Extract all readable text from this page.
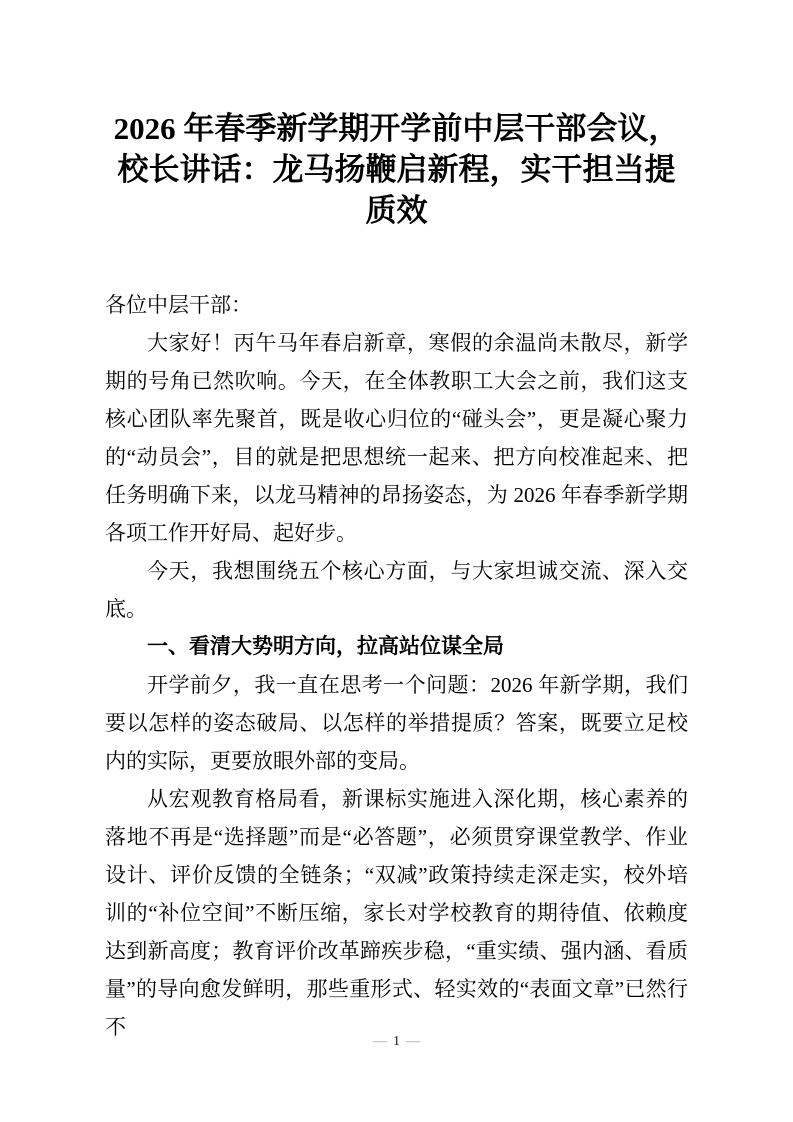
2026 年春季新学期开学前中层干部会议，
校长讲话：龙马扬鞭启新程，实干担当提
质效

各位中层干部：

大家好！丙午马年春启新章，寒假的余温尚未散尽，新学期的号角已然吹响。今天，在全体教职工大会之前，我们这支核心团队率先聚首，既是收心归位的“碰头会”，更是凝心聚力的“动员会”，目的就是把思想统一起来、把方向校准起来、把任务明确下来，以龙马精神的昂扬姿态，为 2026 年春季新学期各项工作开好局、起好步。

今天，我想围绕五个核心方面，与大家坦诚交流、深入交底。

一、看清大势明方向，拉高站位谋全局

开学前夕，我一直在思考一个问题：2026 年新学期，我们要以怎样的姿态破局、以怎样的举措提质？答案，既要立足校内的实际，更要放眼外部的变局。

从宏观教育格局看，新课标实施进入深化期，核心素养的落地不再是“选择题”而是“必答题”，必须贯穿课堂教学、作业设计、评价反馈的全链条；“双减”政策持续走深走实，校外培训的“补位空间”不断压缩，家长对学校教育的期待值、依赖度达到新高度；教育评价改革蹄疾步稳，“重实绩、强内涵、看质量”的导向愈发鲜明，那些重形式、轻实效的“表面文章”已然行不

— 1 —
